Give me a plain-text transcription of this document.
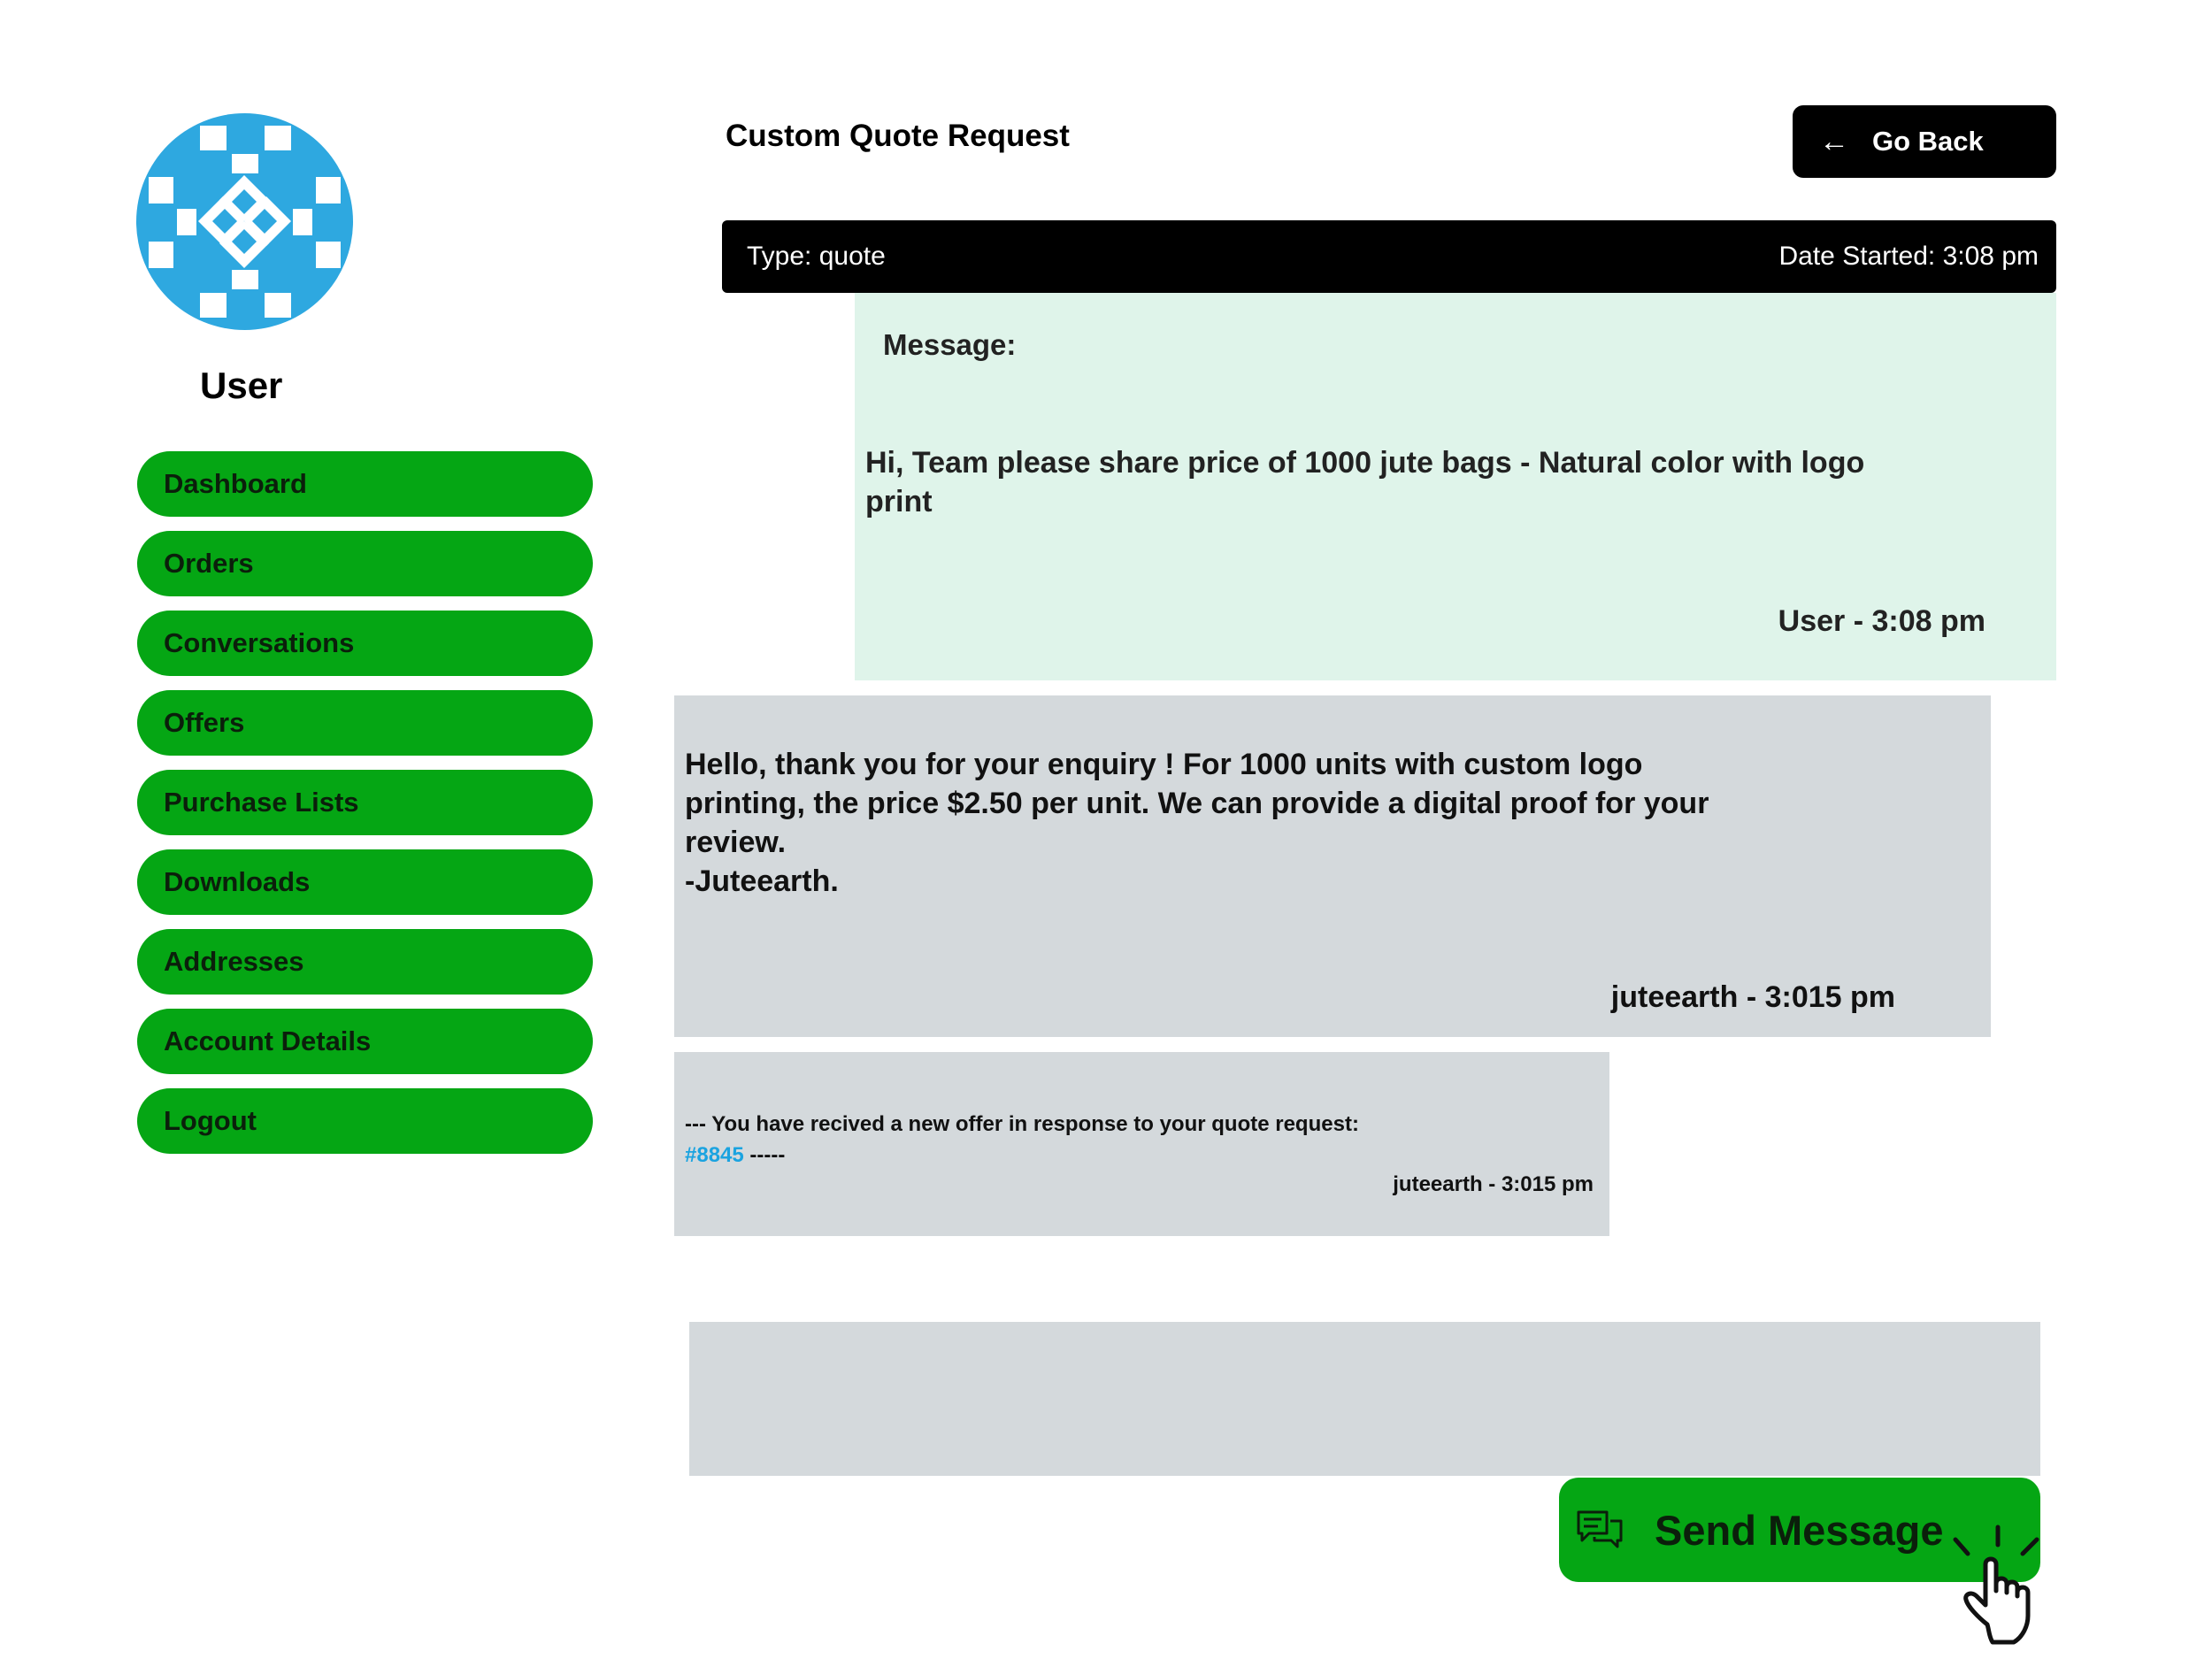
User
Dashboard
Orders
Conversations
Offers
Purchase Lists
Downloads
Addresses
Account Details
Logout
Custom Quote Request	← Go Back
Type: quote	Date Started: 3:08 pm
Message:
Hi, Team please share price of 1000 jute bags - Natural color with logo print
User - 3:08 pm
Hello, thank you for your enquiry ! For 1000 units with custom logo printing, the price $2.50 per unit. We can provide a digital proof for your review.
-Juteearth.
juteearth - 3:015 pm
--- You have recived a new offer in response to your quote request:
#8845 -----
juteearth - 3:015 pm
Send Message
